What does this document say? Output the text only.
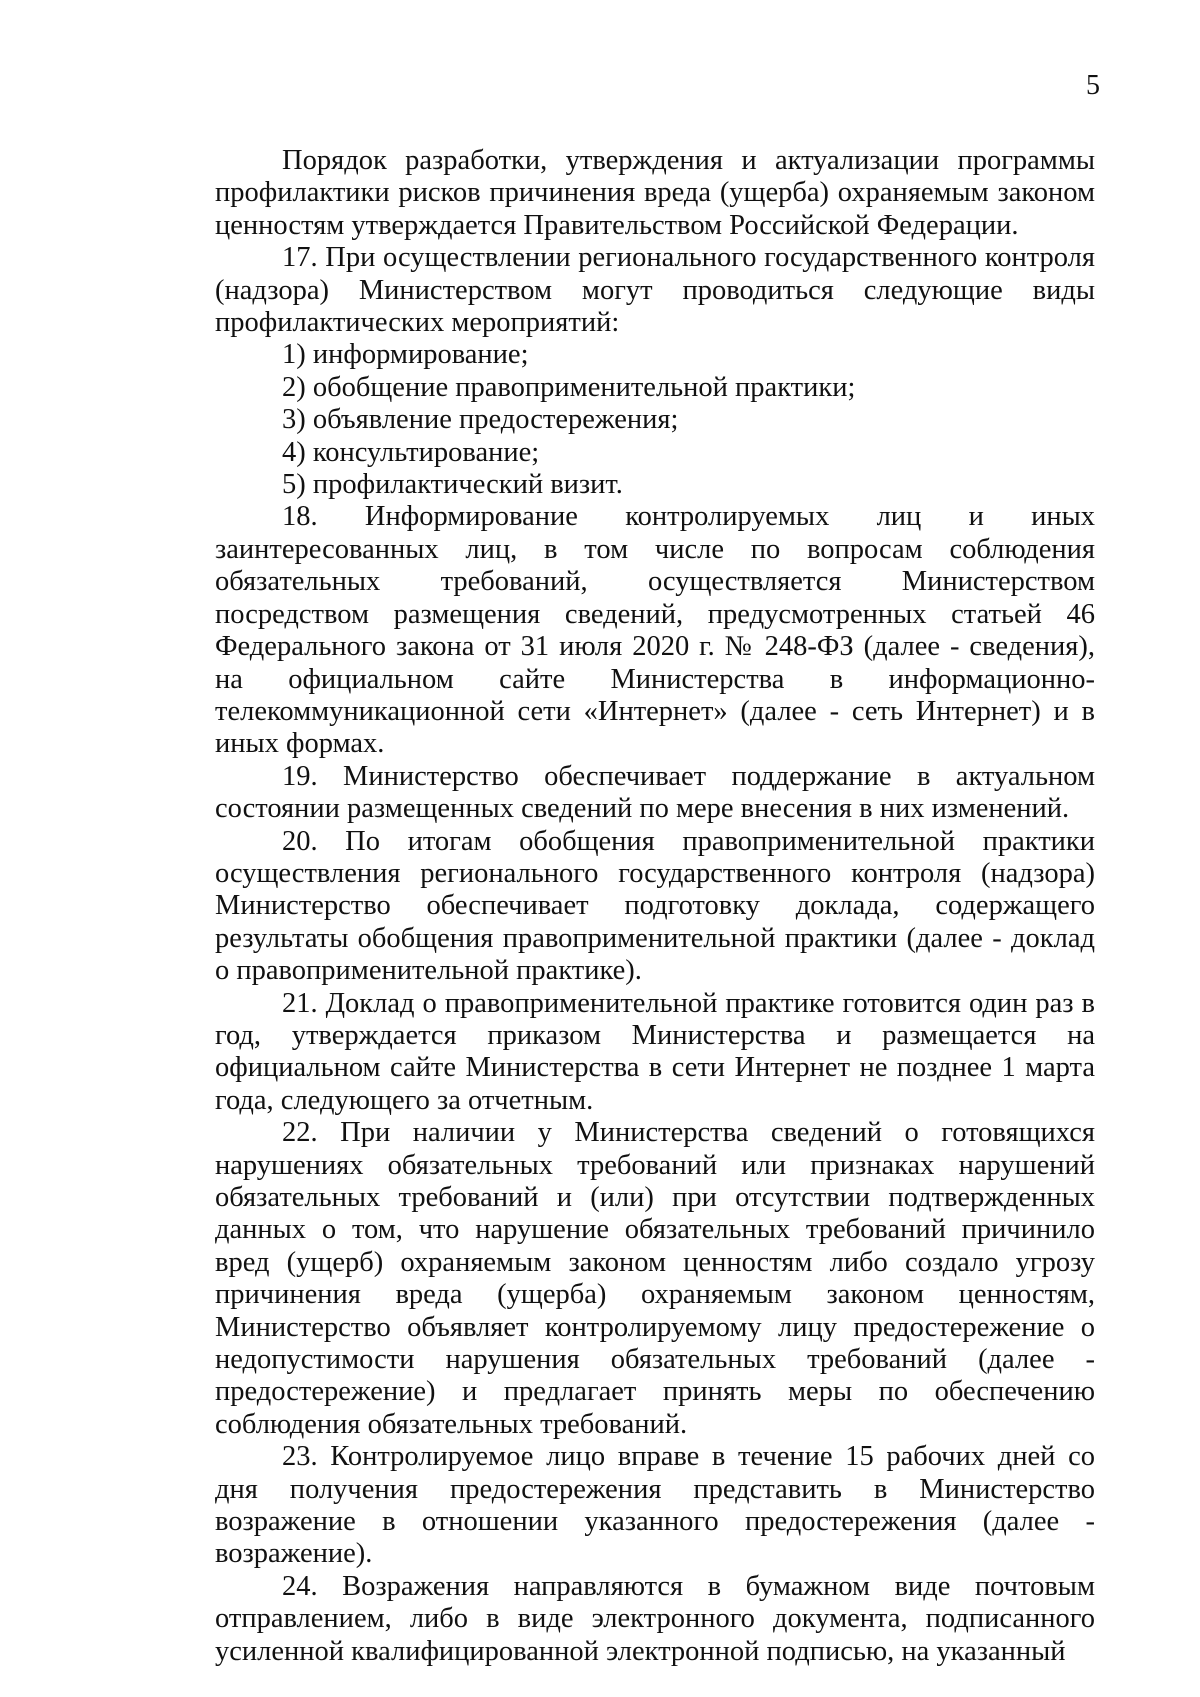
5

Порядок разработки, утверждения и актуализации программы профилактики рисков причинения вреда (ущерба) охраняемым законом ценностям утверждается Правительством Российской Федерации.

17. При осуществлении регионального государственного контроля (надзора) Министерством могут проводиться следующие виды профилактических мероприятий:

1) информирование;

2) обобщение правоприменительной практики;

3) объявление предостережения;

4) консультирование;

5) профилактический визит.

18. Информирование контролируемых лиц и иных заинтересованных лиц, в том числе по вопросам соблюдения обязательных требований, осуществляется Министерством посредством размещения сведений, предусмотренных статьей 46 Федерального закона от 31 июля 2020 г. № 248-ФЗ (далее - сведения), на официальном сайте Министерства в информационно-телекоммуникационной сети «Интернет» (далее - сеть Интернет) и в иных формах.

19. Министерство обеспечивает поддержание в актуальном состоянии размещенных сведений по мере внесения в них изменений.

20. По итогам обобщения правоприменительной практики осуществления регионального государственного контроля (надзора) Министерство обеспечивает подготовку доклада, содержащего результаты обобщения правоприменительной практики (далее - доклад о правоприменительной практике).

21. Доклад о правоприменительной практике готовится один раз в год, утверждается приказом Министерства и размещается на официальном сайте Министерства в сети Интернет не позднее 1 марта года, следующего за отчетным.

22. При наличии у Министерства сведений о готовящихся нарушениях обязательных требований или признаках нарушений обязательных требований и (или) при отсутствии подтвержденных данных о том, что нарушение обязательных требований причинило вред (ущерб) охраняемым законом ценностям либо создало угрозу причинения вреда (ущерба) охраняемым законом ценностям, Министерство объявляет контролируемому лицу предостережение о недопустимости нарушения обязательных требований (далее - предостережение) и предлагает принять меры по обеспечению соблюдения обязательных требований.

23. Контролируемое лицо вправе в течение 15 рабочих дней со дня получения предостережения представить в Министерство возражение в отношении указанного предостережения (далее - возражение).

24. Возражения направляются в бумажном виде почтовым отправлением, либо в виде электронного документа, подписанного усиленной квалифицированной электронной подписью, на указанный
